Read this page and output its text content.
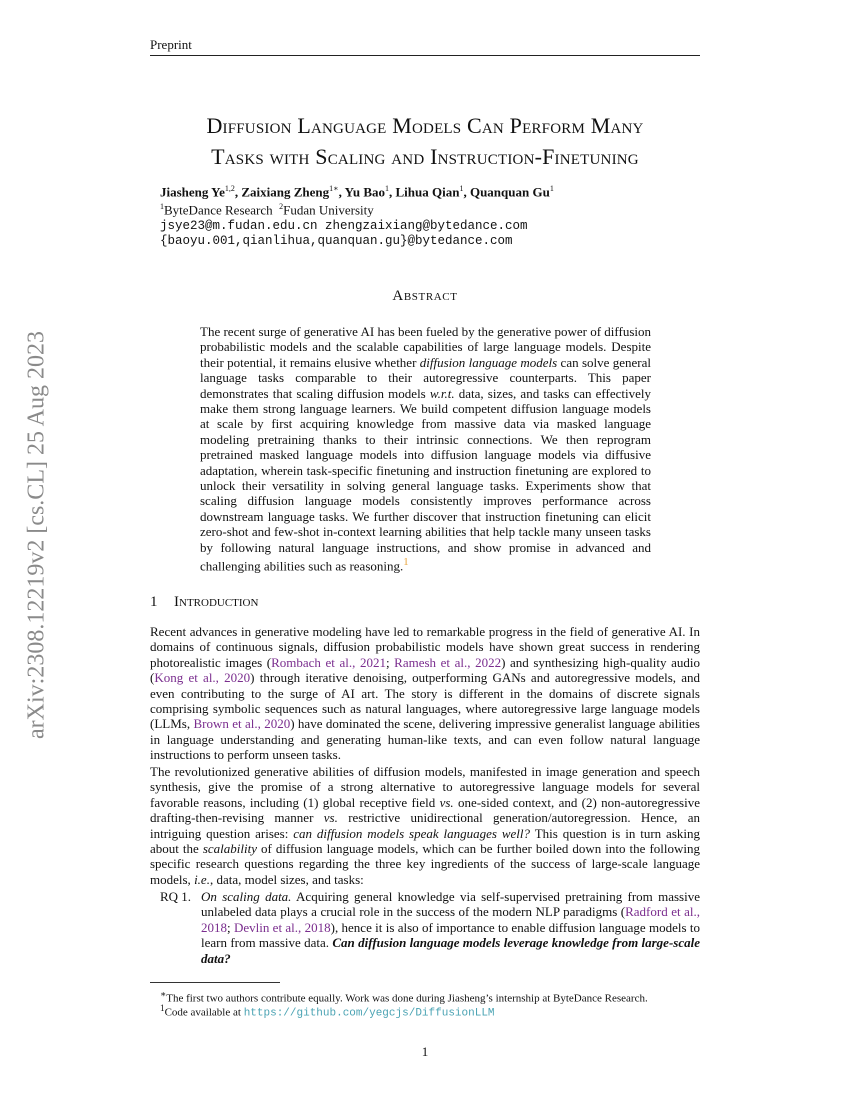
Preprint
Diffusion Language Models Can Perform Many
Tasks with Scaling and Instruction-Finetuning
Jiasheng Ye$^{1,2}$, Zaixiang Zheng$^{1∗}$, Yu Bao$^1$, Lihua Qian$^1$, Quanquan Gu$^1$
$^1$ByteDance Research $^2$Fudan University
jsye23@m.fudan.edu.cn zhengzaixiang@bytedance.com
{baoyu.001,qianlihua,quanquan.gu}@bytedance.com
arXiv:2308.12219v2 [cs.CL] 25 Aug 2023
Abstract
The recent surge of generative AI has been fueled by the generative power of diffusion probabilistic models and the scalable capabilities of large language models. Despite their potential, it remains elusive whether diffusion language models can solve general language tasks comparable to their autoregressive counterparts. This paper demonstrates that scaling diffusion models w.r.t. data, sizes, and tasks can effectively make them strong language learners. We build competent diffusion language models at scale by first acquiring knowledge from massive data via masked language modeling pretraining thanks to their intrinsic connections. We then reprogram pretrained masked language models into diffusion language models via diffusive adaptation, wherein task-specific finetuning and instruction finetuning are explored to unlock their versatility in solving general language tasks. Experiments show that scaling diffusion language models consistently improves performance across downstream language tasks. We further discover that instruction finetuning can elicit zero-shot and few-shot in-context learning abilities that help tackle many unseen tasks by following natural language instructions, and show promise in advanced and challenging abilities such as reasoning.$^1$
1 Introduction
Recent advances in generative modeling have led to remarkable progress in the field of generative AI. In domains of continuous signals, diffusion probabilistic models have shown great success in rendering photorealistic images (Rombach et al., 2021; Ramesh et al., 2022) and synthesizing high-quality audio (Kong et al., 2020) through iterative denoising, outperforming GANs and autoregressive models, and even contributing to the surge of AI art. The story is different in the domains of discrete signals comprising symbolic sequences such as natural languages, where autoregressive large language models (LLMs, Brown et al., 2020) have dominated the scene, delivering impressive generalist language abilities in language understanding and generating human-like texts, and can even follow natural language instructions to perform unseen tasks.
The revolutionized generative abilities of diffusion models, manifested in image generation and speech synthesis, give the promise of a strong alternative to autoregressive language models for several favorable reasons, including (1) global receptive field vs. one-sided context, and (2) non-autoregressive drafting-then-revising manner vs. restrictive unidirectional generation/autoregression. Hence, an intriguing question arises: can diffusion models speak languages well? This question is in turn asking about the scalability of diffusion language models, which can be further boiled down into the following specific research questions regarding the three key ingredients of the success of large-scale language models, i.e., data, model sizes, and tasks:
RQ 1. On scaling data. Acquiring general knowledge via self-supervised pretraining from massive unlabeled data plays a crucial role in the success of the modern NLP paradigms (Radford et al., 2018; Devlin et al., 2018), hence it is also of importance to enable diffusion language models to learn from massive data. Can diffusion language models leverage knowledge from large-scale data?
∗The first two authors contribute equally. Work was done during Jiasheng’s internship at ByteDance Research.
$^1$Code available at https://github.com/yegcjs/DiffusionLLM
1
